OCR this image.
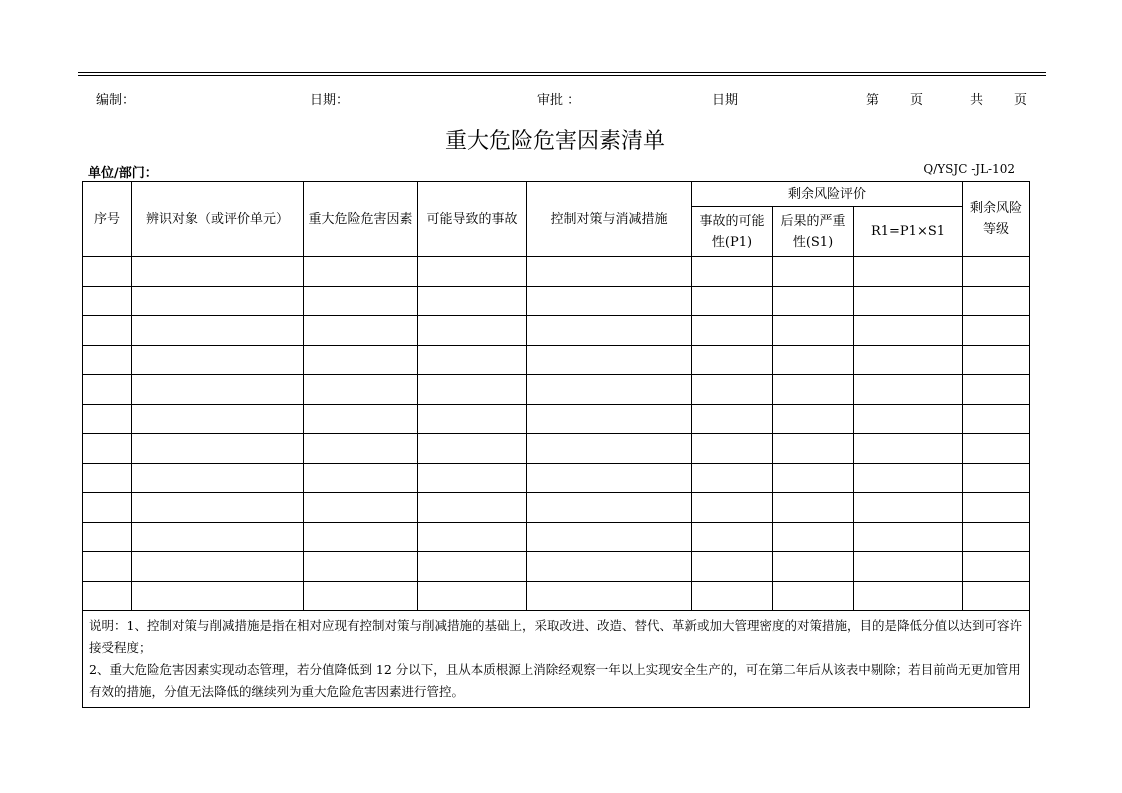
编制：	日期：	审批 ：	日期	第 页	共 页
重大危险危害因素清单
单位/部门：	Q/YSJC -JL-102
序号	辨识对象（或评价单元）	重大危险危害因素	可能导致的事故	控制对策与消减措施	剩余风险评价			剩余风险等级
					事故的可能性(P1)	后果的严重性(S1)	R1=P1×S1	

说明：1、控制对策与削减措施是指在相对应现有控制对策与削减措施的基础上，采取改进、改造、替代、革新或加大管理密度的对策措施，目的是降低分值以达到可容许接受程度；
2、重大危险危害因素实现动态管理，若分值降低到 12 分以下，且从本质根源上消除经观察一年以上实现安全生产的，可在第二年后从该表中剔除；若目前尚无更加管用有效的措施，分值无法降低的继续列为重大危险危害因素进行管控。								
